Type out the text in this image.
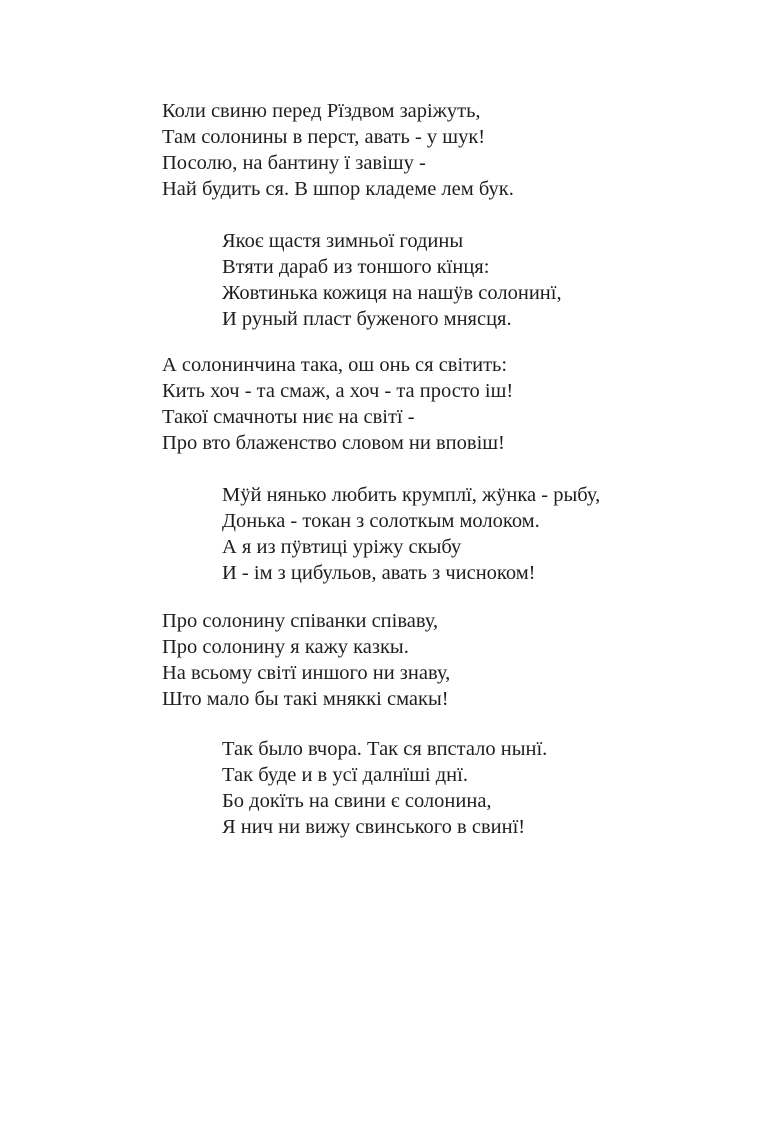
Коли свиню перед Рїздвом заріжуть,
Там солонины в перст, авать - у шук!
Посолю, на бантину ї завішу -
Най будить ся. В шпор кладеме лем бук.
Якоє щастя зимньої годины
Втяти дараб из тоншого кїнця:
Жовтинька кожиця на нашӱв солонинї,
И руный пласт буженого мнясця.
А солонинчина така, ош онь ся світить:
Кить хоч - та смаж, а хоч - та просто іш!
Такої смачноты ниє на світї -
Про вто блаженство словом ни вповіш!
Мӱй нянько любить крумплї, жӱнка - рыбу,
Донька - токан з солоткым молоком.
А я из пӱвтиці уріжу скыбу
И - ім з цибульов, авать з чисноком!
Про солонину співанки співаву,
Про солонину я кажу казкы.
На всьому світї иншого ни знаву,
Што мало бы такі мняккі смакы!
Так было вчора. Так ся впстало нынї.
Так буде и в усї далнїші днї.
Бо докїть на свини є солонина,
Я нич ни вижу свинського в свинї!
